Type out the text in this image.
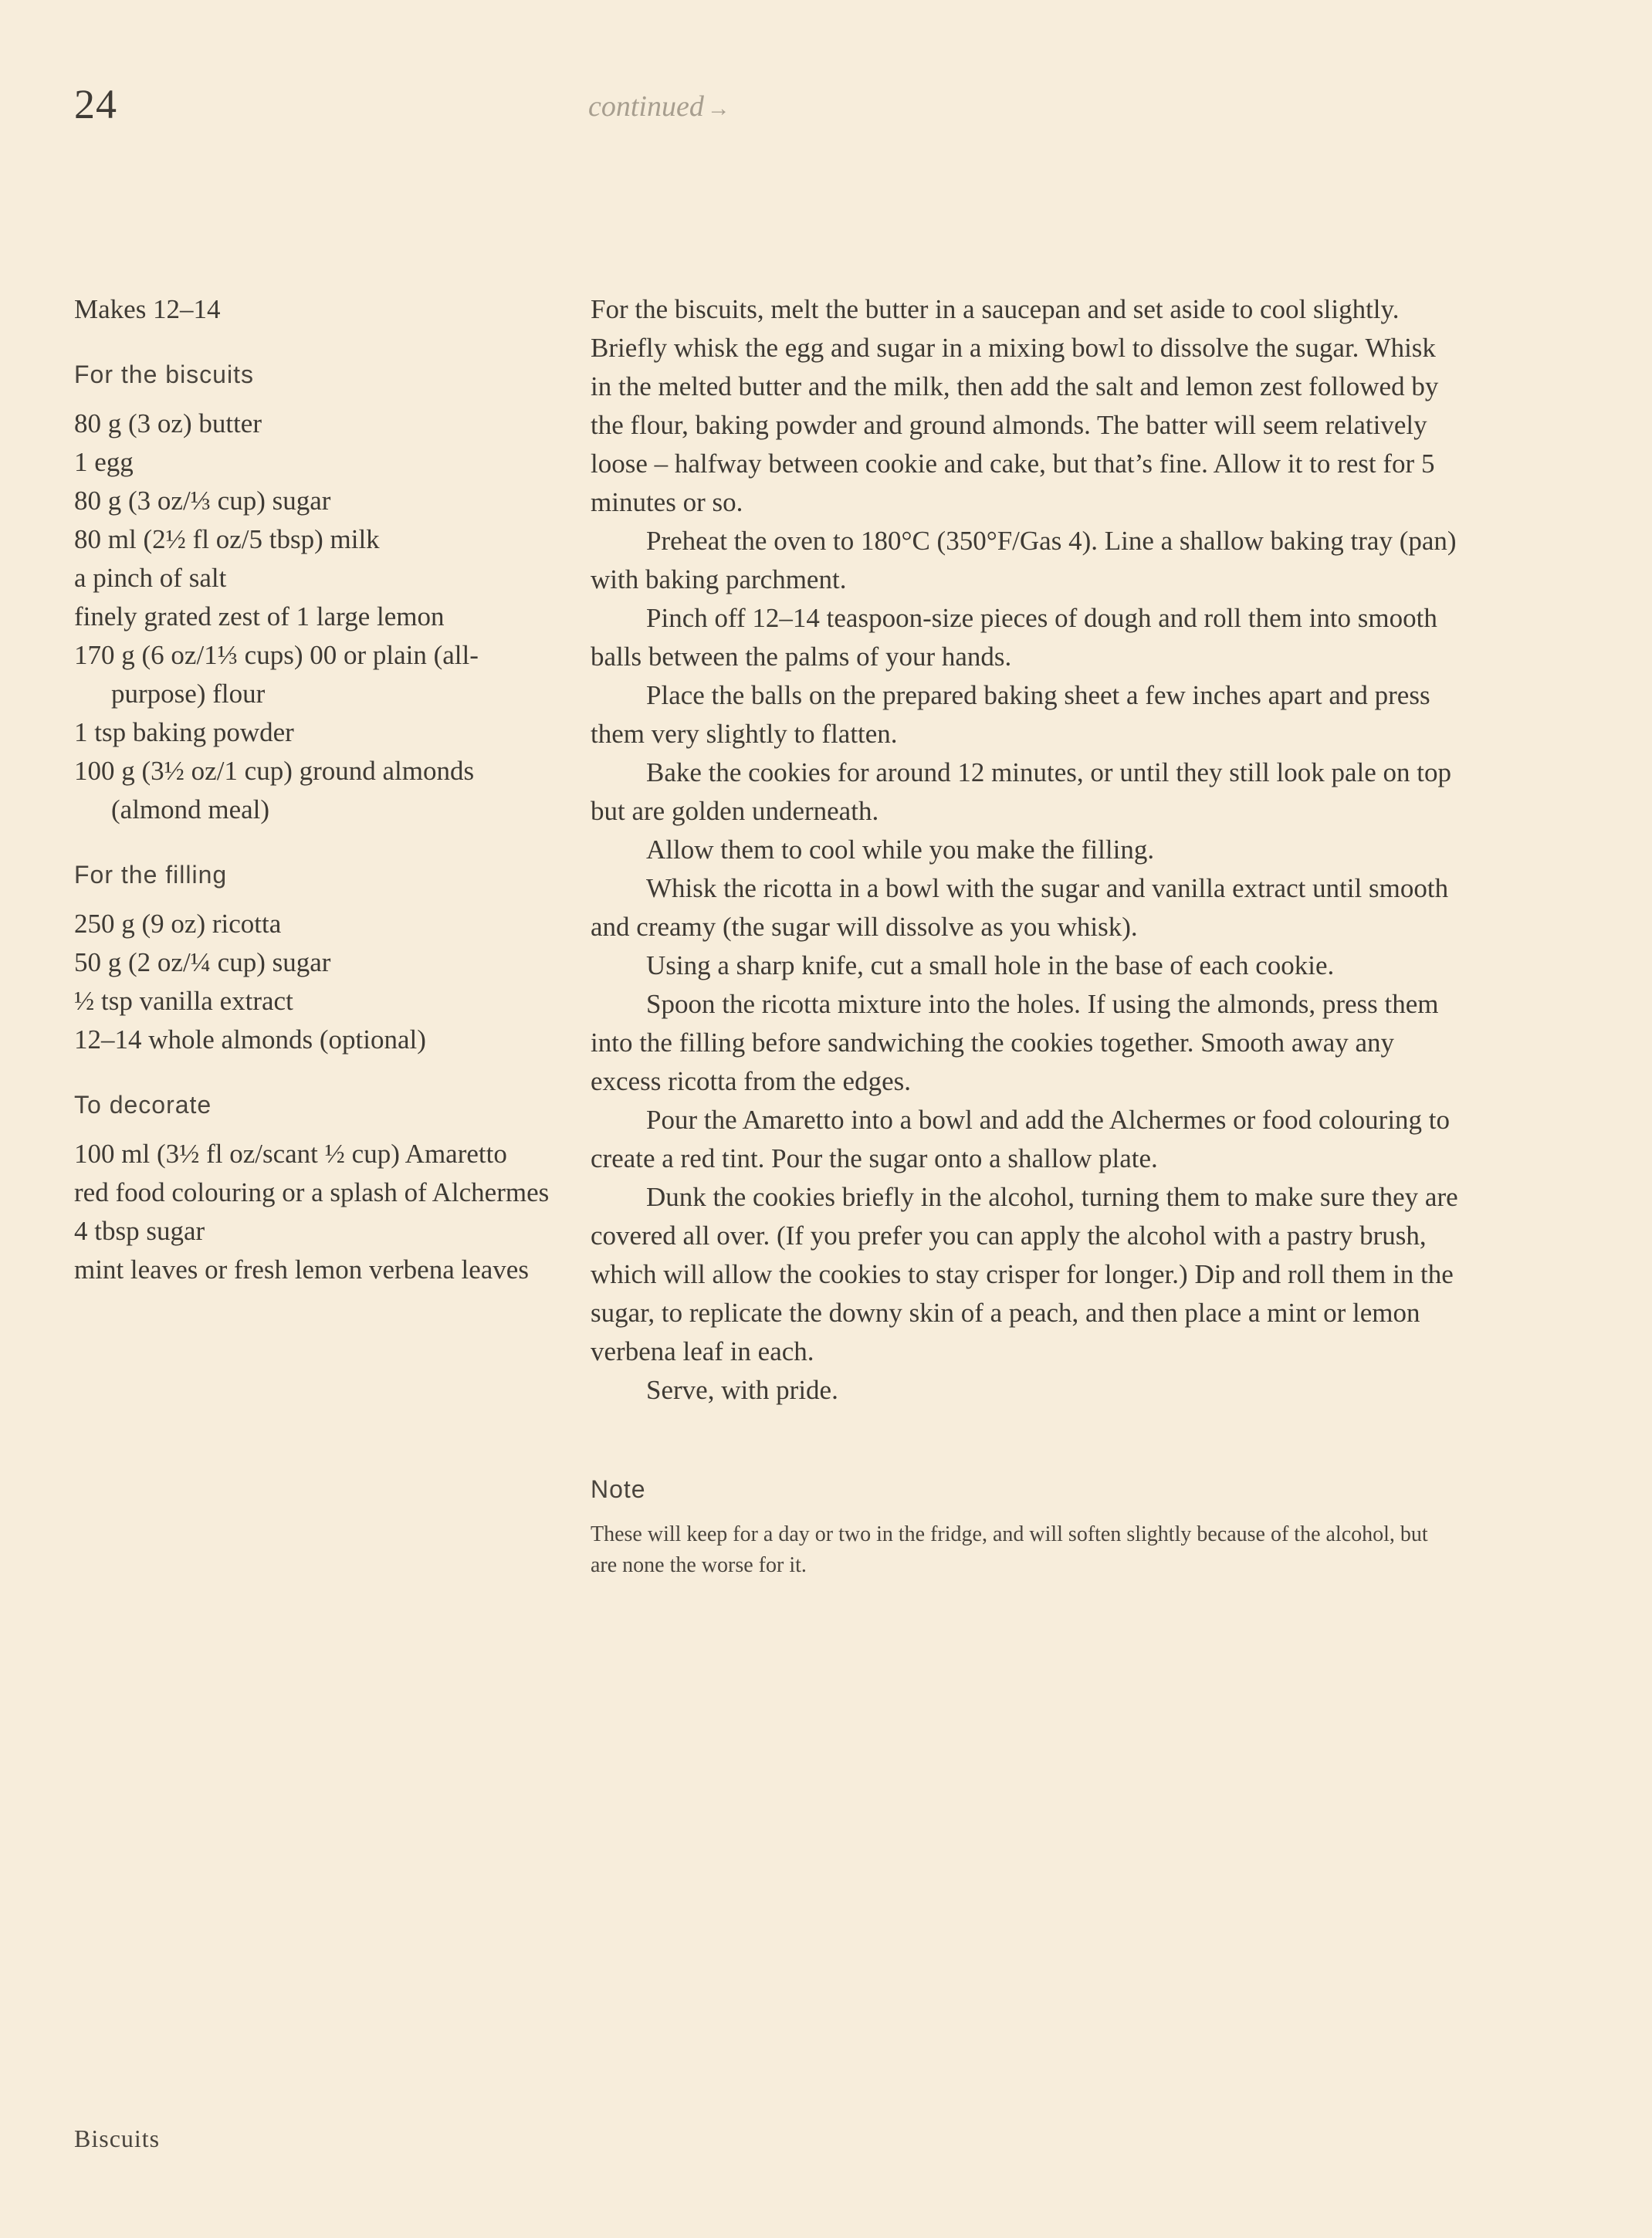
24	continued →

Makes 12–14

For the biscuits
80 g (3 oz) butter
1 egg
80 g (3 oz/⅓ cup) sugar
80 ml (2½ fl oz/5 tbsp) milk
a pinch of salt
finely grated zest of 1 large lemon
170 g (6 oz/1⅓ cups) 00 or plain (all-purpose) flour
1 tsp baking powder
100 g (3½ oz/1 cup) ground almonds (almond meal)
For the filling
250 g (9 oz) ricotta
50 g (2 oz/¼ cup) sugar
½ tsp vanilla extract
12–14 whole almonds (optional)
To decorate
100 ml (3½ fl oz/scant ½ cup) Amaretto
red food colouring or a splash of Alchermes
4 tbsp sugar
mint leaves or fresh lemon verbena leaves

For the biscuits, melt the butter in a saucepan and set aside to cool slightly. Briefly whisk the egg and sugar in a mixing bowl to dissolve the sugar. Whisk in the melted butter and the milk, then add the salt and lemon zest followed by the flour, baking powder and ground almonds. The batter will seem relatively loose – halfway between cookie and cake, but that’s fine. Allow it to rest for 5 minutes or so.

Preheat the oven to 180°C (350°F/Gas 4). Line a shallow baking tray (pan) with baking parchment.

Pinch off 12–14 teaspoon-size pieces of dough and roll them into smooth balls between the palms of your hands.

Place the balls on the prepared baking sheet a few inches apart and press them very slightly to flatten.

Bake the cookies for around 12 minutes, or until they still look pale on top but are golden underneath.

Allow them to cool while you make the filling.

Whisk the ricotta in a bowl with the sugar and vanilla extract until smooth and creamy (the sugar will dissolve as you whisk).

Using a sharp knife, cut a small hole in the base of each cookie.

Spoon the ricotta mixture into the holes. If using the almonds, press them into the filling before sandwiching the cookies together. Smooth away any excess ricotta from the edges.

Pour the Amaretto into a bowl and add the Alchermes or food colouring to create a red tint. Pour the sugar onto a shallow plate.

Dunk the cookies briefly in the alcohol, turning them to make sure they are covered all over. (If you prefer you can apply the alcohol with a pastry brush, which will allow the cookies to stay crisper for longer.) Dip and roll them in the sugar, to replicate the downy skin of a peach, and then place a mint or lemon verbena leaf in each.

Serve, with pride.

Note

These will keep for a day or two in the fridge, and will soften slightly because of the alcohol, but are none the worse for it.

Biscuits
